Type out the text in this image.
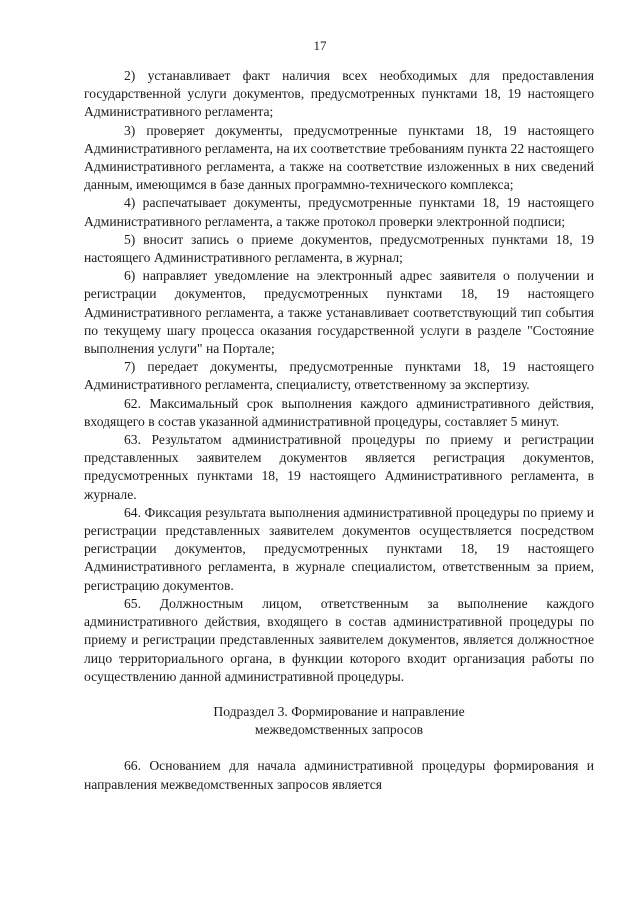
17

2) устанавливает факт наличия всех необходимых для предоставления государственной услуги документов, предусмотренных пунктами 18, 19 настоящего Административного регламента;

3) проверяет документы, предусмотренные пунктами 18, 19 настоящего Административного регламента, на их соответствие требованиям пункта 22 настоящего Административного регламента, а также на соответствие изложенных в них сведений данным, имеющимся в базе данных программно-технического комплекса;

4) распечатывает документы, предусмотренные пунктами 18, 19 настоящего Административного регламента, а также протокол проверки электронной подписи;

5) вносит запись о приеме документов, предусмотренных пунктами 18, 19 настоящего Административного регламента, в журнал;

6) направляет уведомление на электронный адрес заявителя о получении и регистрации документов, предусмотренных пунктами 18, 19 настоящего Административного регламента, а также устанавливает соответствующий тип события по текущему шагу процесса оказания государственной услуги в разделе "Состояние выполнения услуги" на Портале;

7) передает документы, предусмотренные пунктами 18, 19 настоящего Административного регламента, специалисту, ответственному за экспертизу.

62. Максимальный срок выполнения каждого административного действия, входящего в состав указанной административной процедуры, составляет 5 минут.

63. Результатом административной процедуры по приему и регистрации представленных заявителем документов является регистрация документов, предусмотренных пунктами 18, 19 настоящего Административного регламента, в журнале.

64. Фиксация результата выполнения административной процедуры по приему и регистрации представленных заявителем документов осуществляется посредством регистрации документов, предусмотренных пунктами 18, 19 настоящего Административного регламента, в журнале специалистом, ответственным за прием, регистрацию документов.

65. Должностным лицом, ответственным за выполнение каждого административного действия, входящего в состав административной процедуры по приему и регистрации представленных заявителем документов, является должностное лицо территориального органа, в функции которого входит организация работы по осуществлению данной административной процедуры.

Подраздел 3. Формирование и направление
межведомственных запросов

66. Основанием для начала административной процедуры формирования и направления межведомственных запросов является
